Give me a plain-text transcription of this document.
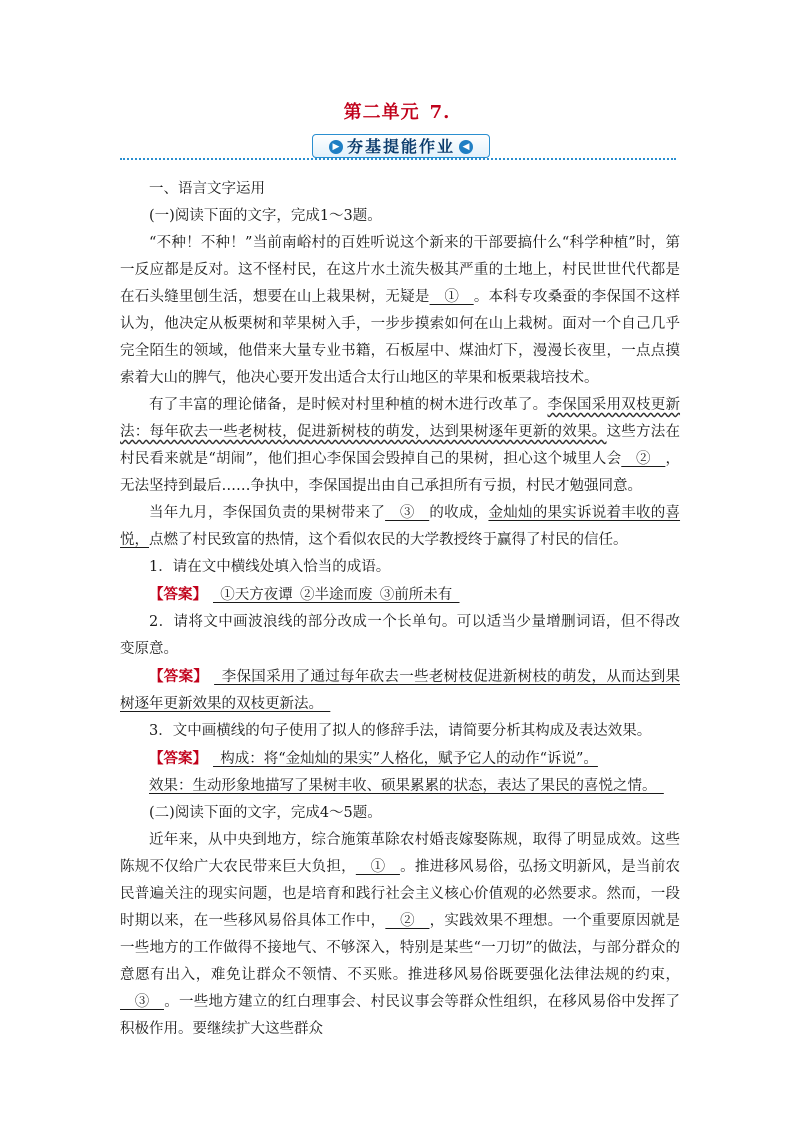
第二单元 7.
▶ 夯基提能作业 ◀

一、语言文字运用

(一)阅读下面的文字，完成1～3题。

“不种！不种！”当前南峪村的百姓听说这个新来的干部要搞什么“科学种植”时，第一反应都是反对。这不怪村民，在这片水土流失极其严重的土地上，村民世世代代都是在石头缝里刨生活，想要在山上栽果树，无疑是__①__。本科专攻桑蚕的李保国不这样认为，他决定从板栗树和苹果树入手，一步步摸索如何在山上栽树。面对一个自己几乎完全陌生的领域，他借来大量专业书籍，石板屋中、煤油灯下，漫漫长夜里，一点点摸索着大山的脾气，他决心要开发出适合太行山地区的苹果和板栗栽培技术。

有了丰富的理论储备，是时候对村里种植的树木进行改革了。李保国采用双枝更新法：每年砍去一些老树枝，促进新树枝的萌发，达到果树逐年更新的效果。这些方法在村民看来就是“胡闹”，他们担心李保国会毁掉自己的果树，担心这个城里人会__②__，无法坚持到最后……争执中，李保国提出由自己承担所有亏损，村民才勉强同意。

当年九月，李保国负责的果树带来了__③__的收成，金灿灿的果实诉说着丰收的喜悦，点燃了村民致富的热情，这个看似农民的大学教授终于赢得了村民的信任。

1．请在文中横线处填入恰当的成语。

【答案】 _①天方夜谭_②半途而废_③前所未有_

2．请将文中画波浪线的部分改成一个长单句。可以适当少量增删词语，但不得改变原意。

【答案】 _李保国采用了通过每年砍去一些老树枝促进新树枝的萌发，从而达到果树逐年更新效果的双枝更新法。_

3．文中画横线的句子使用了拟人的修辞手法，请简要分析其构成及表达效果。

【答案】 _构成：将“金灿灿的果实”人格化，赋予它人的动作“诉说”。

效果：生动形象地描写了果树丰收、硕果累累的状态，表达了果民的喜悦之情。_

(二)阅读下面的文字，完成4～5题。

近年来，从中央到地方，综合施策革除农村婚丧嫁娶陈规，取得了明显成效。这些陈规不仅给广大农民带来巨大负担，__①__。推进移风易俗，弘扬文明新风，是当前农民普遍关注的现实问题，也是培育和践行社会主义核心价值观的必然要求。然而，一段时期以来，在一些移风易俗具体工作中，__②__，实践效果不理想。一个重要原因就是一些地方的工作做得不接地气、不够深入，特别是某些“一刀切”的做法，与部分群众的意愿有出入，难免让群众不领情、不买账。推进移风易俗既要强化法律法规的约束，__③__。一些地方建立的红白理事会、村民议事会等群众性组织，在移风易俗中发挥了积极作用。要继续扩大这些群众
